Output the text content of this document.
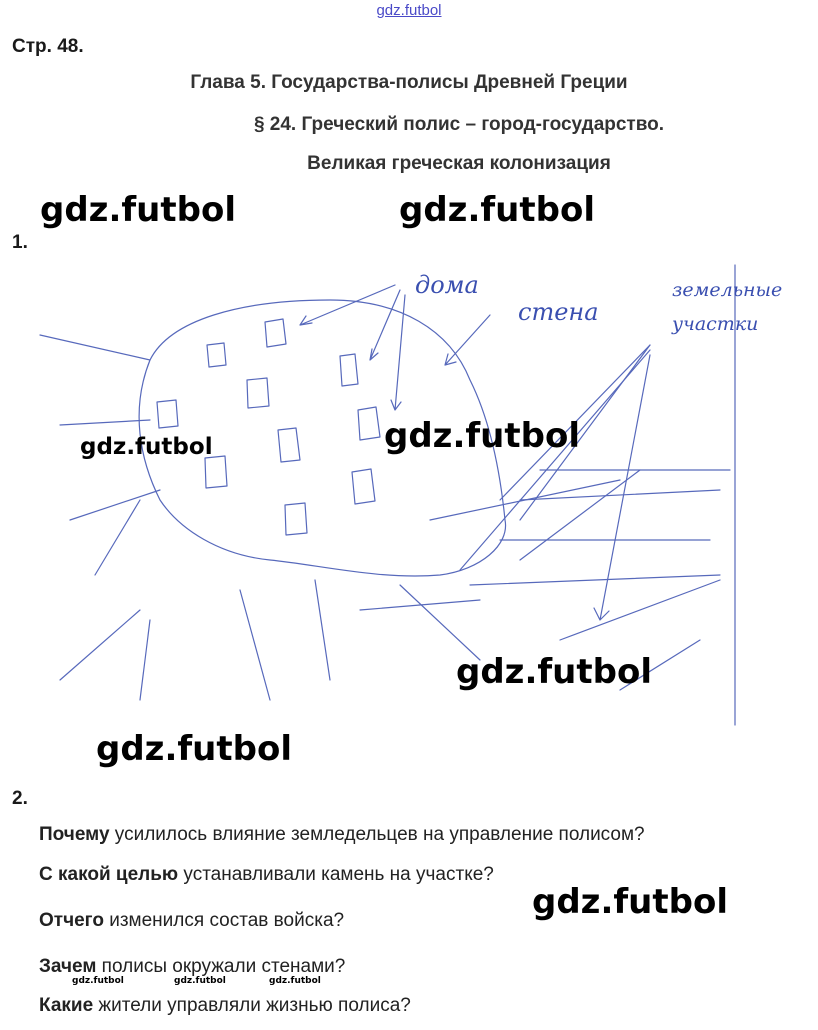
gdz.futbol
Стр. 48.
Глава 5. Государства-полисы Древней Греции
§ 24. Греческий полис – город-государство.
Великая греческая колонизация
gdz.futbol	gdz.futbol
1.
дома
стена
земельные
участки
gdz.futbol	gdz.futbol
gdz.futbol
gdz.futbol
2.
Почему усилилось влияние земледельцев на управление полисом?
С какой целью устанавливали камень на участке?
Отчего изменился состав войска?
Зачем полисы окружали стенами?
Какие жители управляли жизнью полиса?
gdz.futbol
gdz.futbol	gdz.futbol	gdz.futbol
